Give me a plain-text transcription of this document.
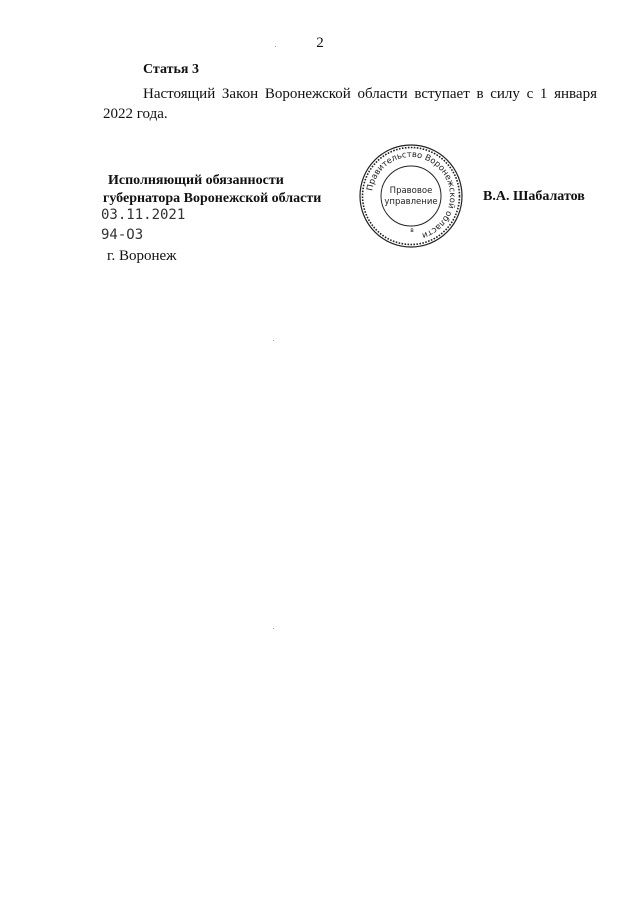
2
Статья 3

Настоящий Закон Воронежской области вступает в силу с 1 января 2022 года.

Исполняющий обязанности
губернатора Воронежской области
Правительство Воронежской области
Правовое
управление
в
В.А. Шабалатов
03.11.2021
94-ОЗ
г. Воронеж
